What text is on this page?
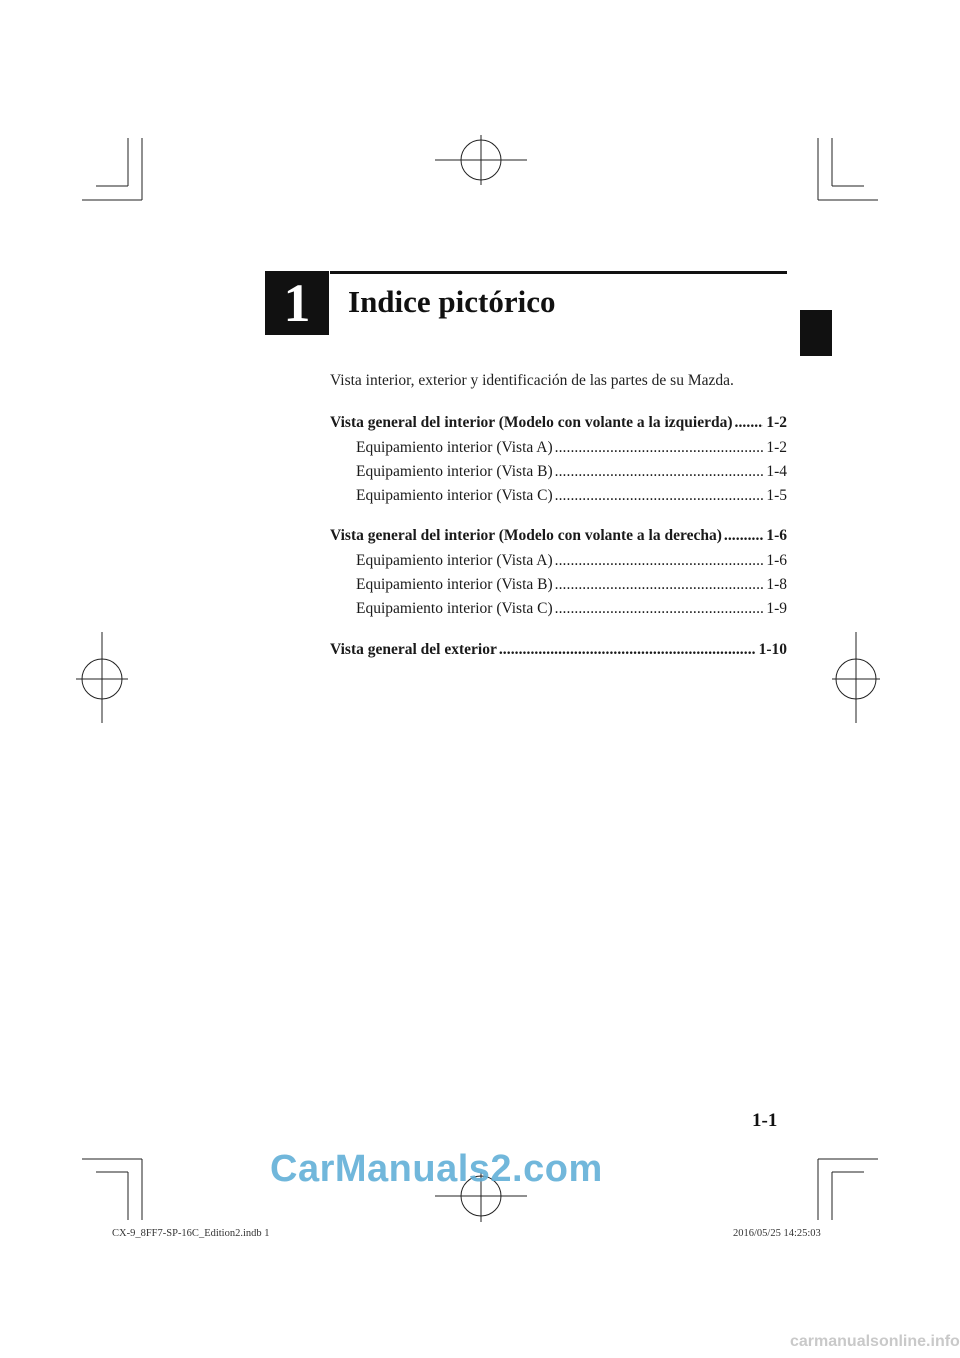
1	Indice pictórico
Vista interior, exterior y identificación de las partes de su Mazda.
Vista general del interior (Modelo con volante a la izquierda) . . . 1-2
Equipamiento interior (Vista A) . . .	1-2
Equipamiento interior (Vista B) . . .	1-4
Equipamiento interior (Vista C) . . .	1-5
Vista general del interior (Modelo con volante a la derecha) . . .	1-6
Equipamiento interior (Vista A) . . .	1-6
Equipamiento interior (Vista B) . . .	1-8
Equipamiento interior (Vista C) . . .	1-9
Vista general del exterior . . .	1-10
1-1
CarManuals2.com
CX-9_8FF7-SP-16C_Edition2.indb 1	2016/05/25 14:25:03
carmanualsonline.info
